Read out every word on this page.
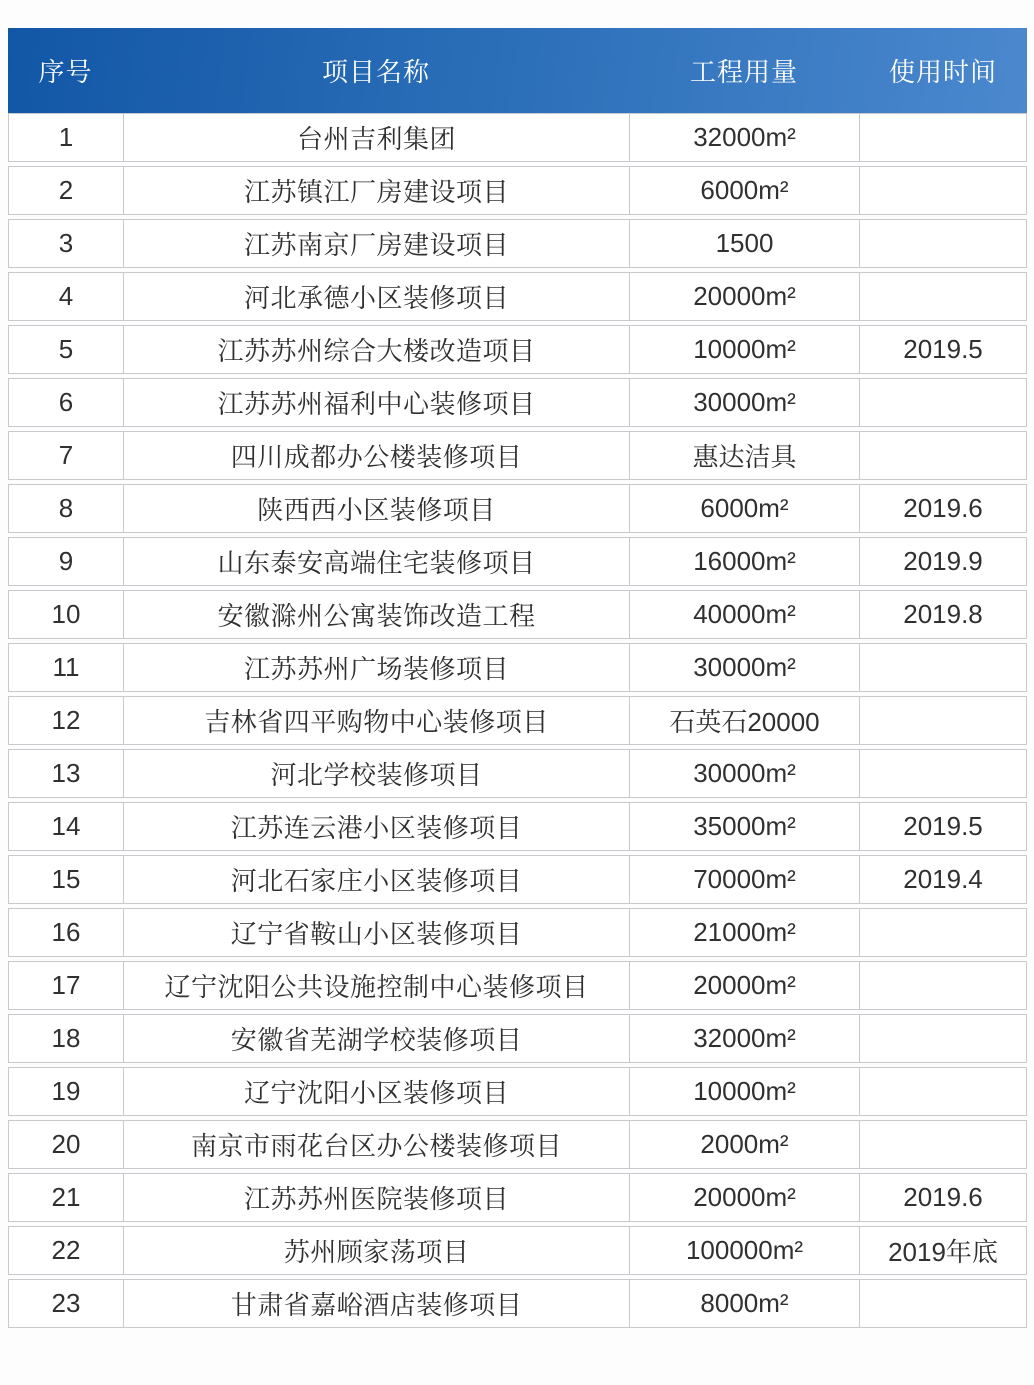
序号	项目名称	工程用量	使用时间
1	台州吉利集团	32000m²
2	江苏镇江厂房建设项目	6000m²
3	江苏南京厂房建设项目	1500
4	河北承德小区装修项目	20000m²
5	江苏苏州综合大楼改造项目	10000m²	2019.5
6	江苏苏州福利中心装修项目	30000m²
7	四川成都办公楼装修项目	惠达洁具
8	陕西西小区装修项目	6000m²	2019.6
9	山东泰安高端住宅装修项目	16000m²	2019.9
10	安徽滁州公寓装饰改造工程	40000m²	2019.8
11	江苏苏州广场装修项目	30000m²
12	吉林省四平购物中心装修项目	石英石20000
13	河北学校装修项目	30000m²
14	江苏连云港小区装修项目	35000m²	2019.5
15	河北石家庄小区装修项目	70000m²	2019.4
16	辽宁省鞍山小区装修项目	21000m²
17	辽宁沈阳公共设施控制中心装修项目	20000m²
18	安徽省芜湖学校装修项目	32000m²
19	辽宁沈阳小区装修项目	10000m²
20	南京市雨花台区办公楼装修项目	2000m²
21	江苏苏州医院装修项目	20000m²	2019.6
22	苏州顾家荡项目	100000m²	2019年底
23	甘肃省嘉峪酒店装修项目	8000m²
